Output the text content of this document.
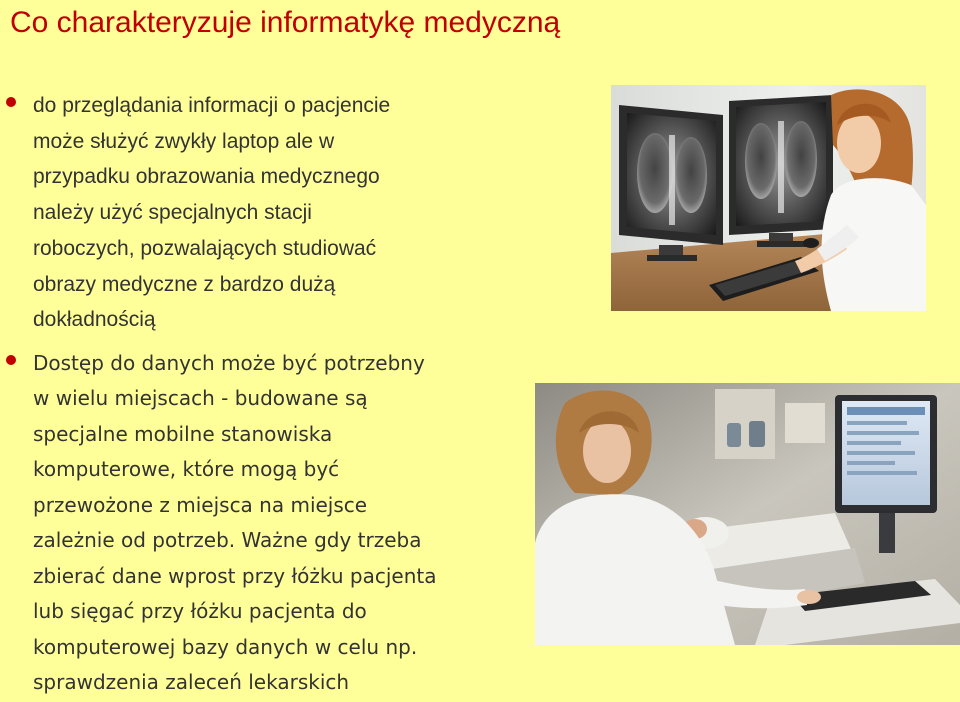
Co charakteryzuje informatykę medyczną
do przeglądania informacji o pacjencie
może służyć zwykły laptop ale w
przypadku obrazowania medycznego
należy użyć specjalnych stacji
roboczych, pozwalających studiować
obrazy medyczne z bardzo dużą
dokładnością
Dostęp do danych może być potrzebny
w wielu miejscach - budowane są
specjalne mobilne stanowiska
komputerowe, które mogą być
przewożone z miejsca na miejsce
zależnie od potrzeb. Ważne gdy trzeba
zbierać dane wprost przy łóżku pacjenta
lub sięgać przy łóżku pacjenta do
komputerowej bazy danych w celu np.
sprawdzenia zaleceń lekarskich
